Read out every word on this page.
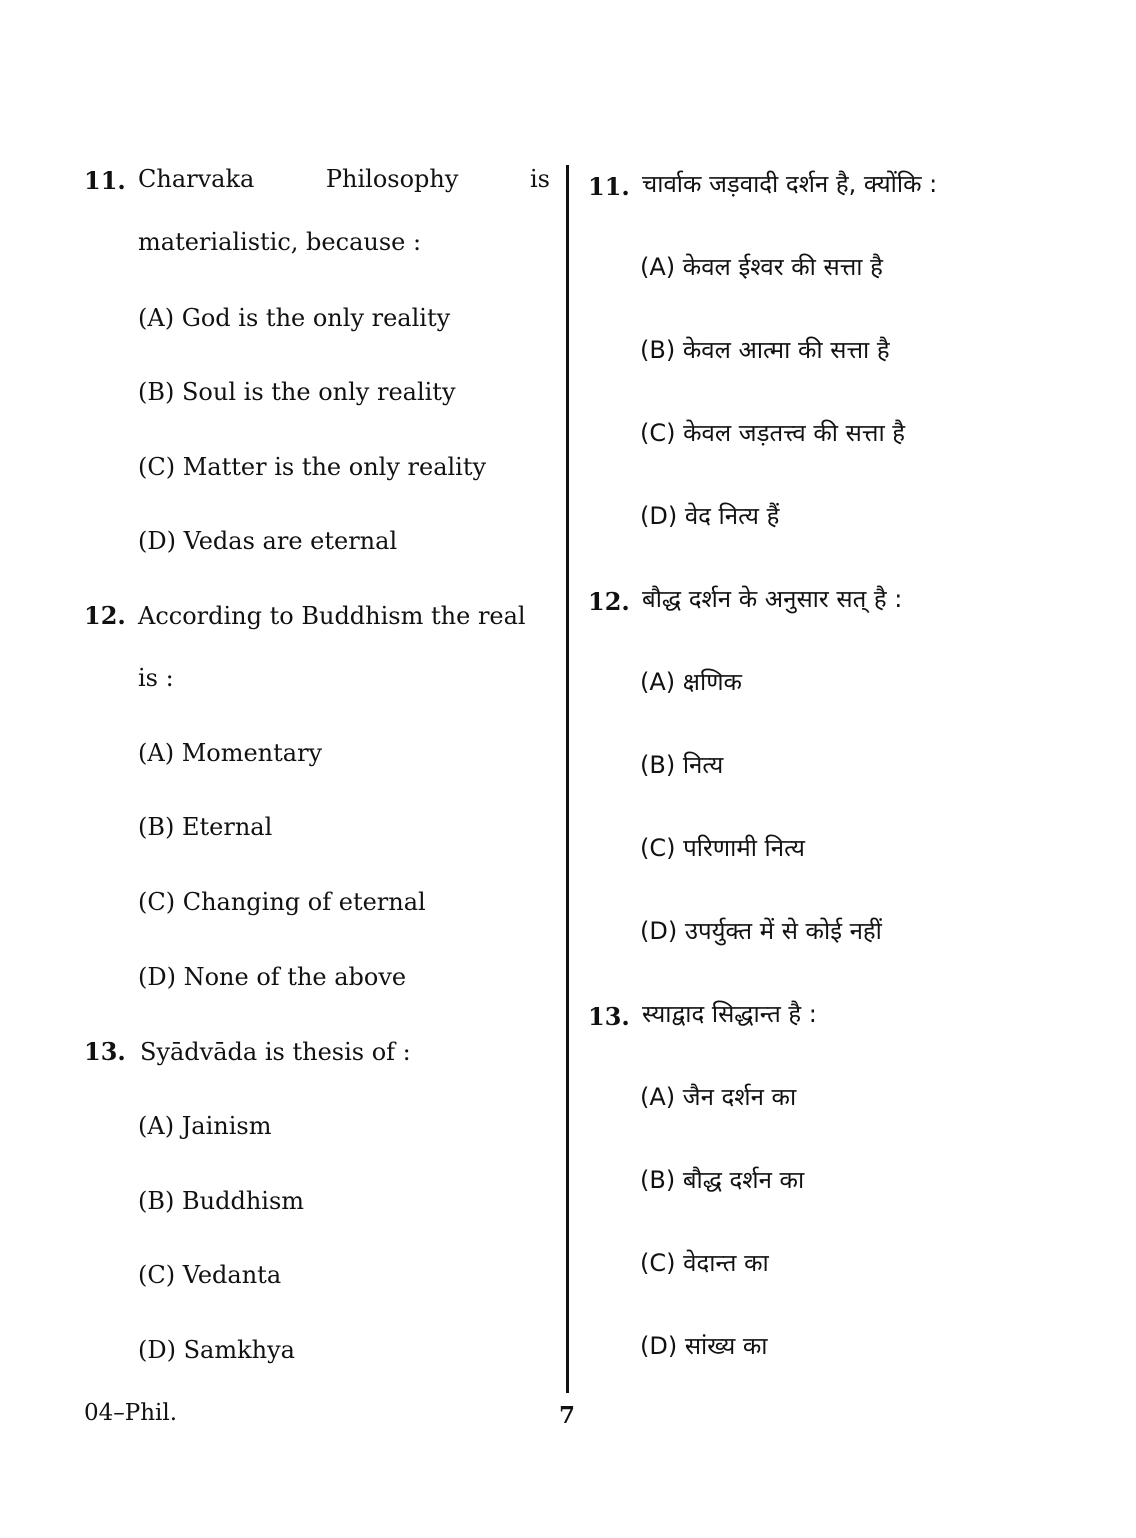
11. Charvaka	Philosophy	is
materialistic, because :
(A) God is the only reality
(B) Soul is the only reality
(C) Matter is the only reality
(D) Vedas are eternal
12. According to Buddhism the real
is :
(A) Momentary
(B) Eternal
(C) Changing of eternal
(D) None of the above
13. Syādvāda is thesis of :
(A) Jainism
(B) Buddhism
(C) Vedanta
(D) Samkhya
11. चार्वाक जड़वादी दर्शन है, क्योंकि :
(A) केवल ईश्वर की सत्ता है
(B) केवल आत्मा की सत्ता है
(C) केवल जड़तत्त्व की सत्ता है
(D) वेद नित्य हैं
12. बौद्ध दर्शन के अनुसार सत् है :
(A) क्षणिक
(B) नित्य
(C) परिणामी नित्य
(D) उपर्युक्त में से कोई नहीं
13. स्याद्वाद सिद्धान्त है :
(A) जैन दर्शन का
(B) बौद्ध दर्शन का
(C) वेदान्त का
(D) सांख्य का
04–Phil.	7
